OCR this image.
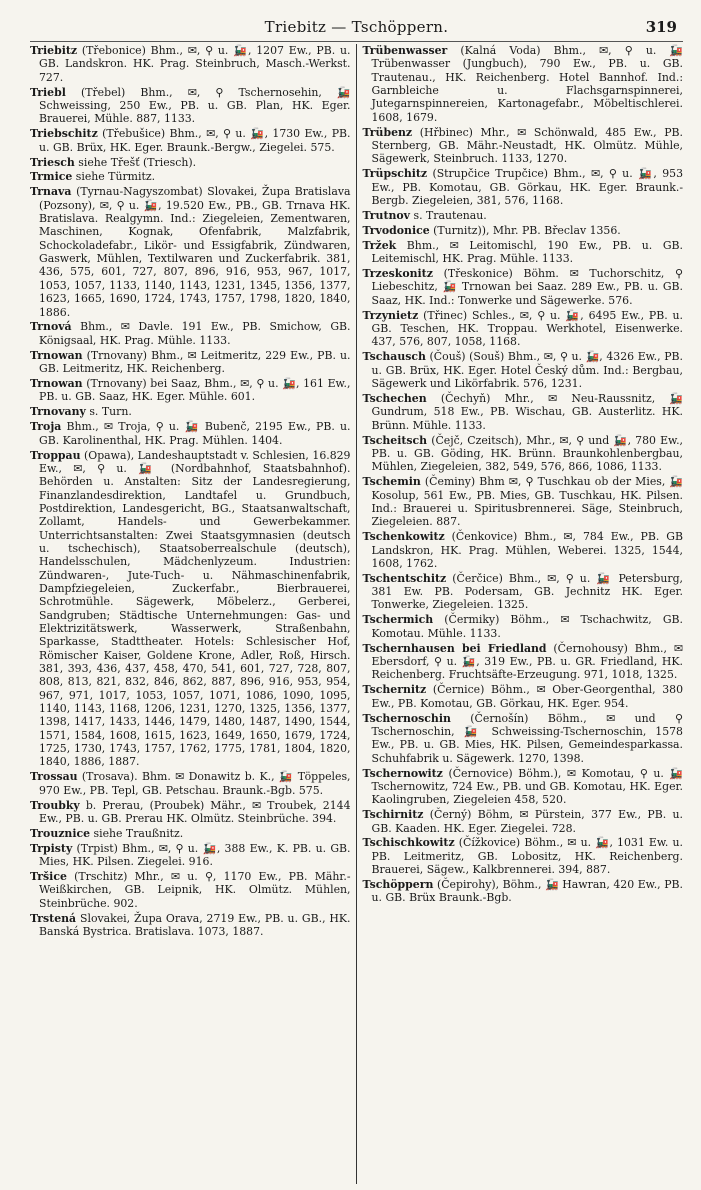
Triebitz — Tschöppern.	319

Triebitz (Třebonice) Bhm., ✉, ⚲ u. 🚂, 1207 Ew., PB. u. GB. Landskron. HK. Prag. Steinbruch, Masch.-Werkst. 727.

Triebl (Třebel) Bhm., ✉, ⚲ Tschernosehin, 🚂 Schweissing, 250 Ew., PB. u. GB. Plan, HK. Eger. Brauerei, Mühle. 887, 1133.

Triebschitz (Třebušice) Bhm., ✉, ⚲ u. 🚂, 1730 Ew., PB. u. GB. Brüx, HK. Eger. Braunk.-Bergw., Ziegelei. 575.

Triesch siehe Třešť (Triesch).

Trmice siehe Türmitz.

Trnava (Tyrnau-Nagyszombat) Slovakei, Župa Bratislava (Pozsony), ✉, ⚲ u. 🚂, 19.520 Ew., PB., GB. Trnava HK. Bratislava. Realgymn. Ind.: Ziegeleien, Zementwaren, Maschinen, Kognak, Ofenfabrik, Malzfabrik, Schockoladefabr., Likör- und Essigfabrik, Zündwaren, Gaswerk, Mühlen, Textilwaren und Zuckerfabrik. 381, 436, 575, 601, 727, 807, 896, 916, 953, 967, 1017, 1053, 1057, 1133, 1140, 1143, 1231, 1345, 1356, 1377, 1623, 1665, 1690, 1724, 1743, 1757, 1798, 1820, 1840, 1886.

Trnová Bhm., ✉ Davle. 191 Ew., PB. Smichow, GB. Königsaal, HK. Prag. Mühle. 1133.

Trnowan (Trnovany) Bhm., ✉ Leitmeritz, 229 Ew., PB. u. GB. Leitmeritz, HK. Reichenberg.

Trnowan (Trnovany) bei Saaz, Bhm., ✉, ⚲ u. 🚂, 161 Ew., PB. u. GB. Saaz, HK. Eger. Mühle. 601.

Trnovany s. Turn.

Troja Bhm., ✉ Troja, ⚲ u. 🚂 Bubenč, 2195 Ew., PB. u. GB. Karolinenthal, HK. Prag. Mühlen. 1404.

Troppau (Opawa), Landeshauptstadt v. Schlesien, 16.829 Ew., ✉, ⚲ u. 🚂 (Nordbahnhof, Staatsbahnhof). Behörden u. Anstalten: Sitz der Landesregierung, Finanzlandesdirektion, Landtafel u. Grundbuch, Postdirektion, Landesgericht, BG., Staatsanwaltschaft, Zollamt, Handels- und Gewerbekammer. Unterrichtsanstalten: Zwei Staatsgymnasien (deutsch u. tschechisch), Staatsoberrealschule (deutsch), Handelsschulen, Mädchenlyzeum. Industrien: Zündwaren-, Jute-Tuch- u. Nähmaschinenfabrik, Dampfziegeleien, Zuckerfabr., Bierbrauerei, Schrotmühle. Sägewerk, Möbelerz., Gerberei, Sandgruben; Städtische Unternehmungen: Gas- und Elektrizitätswerk, Wasserwerk, Straßenbahn, Sparkasse, Stadttheater. Hotels: Schlesischer Hof, Römischer Kaiser, Goldene Krone, Adler, Roß, Hirsch. 381, 393, 436, 437, 458, 470, 541, 601, 727, 728, 807, 808, 813, 821, 832, 846, 862, 887, 896, 916, 953, 954, 967, 971, 1017, 1053, 1057, 1071, 1086, 1090, 1095, 1140, 1143, 1168, 1206, 1231, 1270, 1325, 1356, 1377, 1398, 1417, 1433, 1446, 1479, 1480, 1487, 1490, 1544, 1571, 1584, 1608, 1615, 1623, 1649, 1650, 1679, 1724, 1725, 1730, 1743, 1757, 1762, 1775, 1781, 1804, 1820, 1840, 1886, 1887.

Trossau (Trosava). Bhm. ✉ Donawitz b. K., 🚂 Töppeles, 970 Ew., PB. Tepl, GB. Petschau. Braunk.-Bgb. 575.

Troubky b. Prerau, (Proubek) Mähr., ✉ Troubek, 2144 Ew., PB. u. GB. Prerau HK. Olmütz. Steinbrüche. 394.

Trouznice siehe Traußnitz.

Trpisty (Trpist) Bhm., ✉, ⚲ u. 🚂, 388 Ew., K. PB. u. GB. Mies, HK. Pilsen. Ziegelei. 916.

Tršice (Trschitz) Mhr., ✉ u. ⚲, 1170 Ew., PB. Mähr.-Weißkirchen, GB. Leipnik, HK. Olmütz. Mühlen, Steinbrüche. 902.

Trstená Slovakei, Župa Orava, 2719 Ew., PB. u. GB., HK. Banská Bystrica. Bratislava. 1073, 1887.

Trübenwasser (Kalná Voda) Bhm., ✉, ⚲ u. 🚂 Trübenwasser (Jungbuch), 790 Ew., PB. u. GB. Trautenau., HK. Reichenberg. Hotel Bannhof. Ind.: Garnbleiche u. Flachsgarnspinnerei, Jutegarnspinnereien, Kartonagefabr., Möbeltischlerei. 1608, 1679.

Trübenz (Hřbinec) Mhr., ✉ Schönwald, 485 Ew., PB. Sternberg, GB. Mähr.-Neustadt, HK. Olmütz. Mühle, Sägewerk, Steinbruch. 1133, 1270.

Trüpschitz (Strupčice Trupčice) Bhm., ✉, ⚲ u. 🚂, 953 Ew., PB. Komotau, GB. Görkau, HK. Eger. Braunk.-Bergb. Ziegeleien, 381, 576, 1168.

Trutnov s. Trautenau.

Trvodonice (Turnitz)), Mhr. PB. Břeclav 1356.

Tržek Bhm., ✉ Leitomischl, 190 Ew., PB. u. GB. Leitemischl, HK. Prag. Mühle. 1133.

Trzeskonitz (Třeskonice) Böhm. ✉ Tuchorschitz, ⚲ Liebeschitz, 🚂 Trnowan bei Saaz. 289 Ew., PB. u. GB. Saaz, HK. Ind.: Tonwerke und Sägewerke. 576.

Trzynietz (Třinec) Schles., ✉, ⚲ u. 🚂, 6495 Ew., PB. u. GB. Teschen, HK. Troppau. Werkhotel, Eisenwerke. 437, 576, 807, 1058, 1168.

Tschausch (Čouš) (Souš) Bhm., ✉, ⚲ u. 🚂, 4326 Ew., PB. u. GB. Brüx, HK. Eger. Hotel Český dům. Ind.: Bergbau, Sägewerk und Likörfabrik. 576, 1231.

Tschechen (Čechyň) Mhr., ✉ Neu-Raussnitz, 🚂 Gundrum, 518 Ew., PB. Wischau, GB. Austerlitz. HK. Brünn. Mühle. 1133.

Tscheitsch (Čejč, Czeitsch), Mhr., ✉, ⚲ und 🚂, 780 Ew., PB. u. GB. Göding, HK. Brünn. Braunkohlenbergbau, Mühlen, Ziegeleien, 382, 549, 576, 866, 1086, 1133.

Tschemin (Čeminy) Bhm ✉, ⚲ Tuschkau ob der Mies, 🚂 Kosolup, 561 Ew., PB. Mies, GB. Tuschkau, HK. Pilsen. Ind.: Brauerei u. Spiritusbrennerei. Säge, Steinbruch, Ziegeleien. 887.

Tschenkowitz (Čenkovice) Bhm., ✉, 784 Ew., PB. GB Landskron, HK. Prag. Mühlen, Weberei. 1325, 1544, 1608, 1762.

Tschentschitz (Čerčice) Bhm., ✉, ⚲ u. 🚂 Petersburg, 381 Ew. PB. Podersam, GB. Jechnitz HK. Eger. Tonwerke, Ziegeleien. 1325.

Tschermich (Čermiky) Böhm., ✉ Tschachwitz, GB. Komotau. Mühle. 1133.

Tschernhausen bei Friedland (Černohousy) Bhm., ✉ Ebersdorf, ⚲ u. 🚂, 319 Ew., PB. u. GR. Friedland, HK. Reichenberg. Fruchtsäfte-Erzeugung. 971, 1018, 1325.

Tschernitz (Černice) Böhm., ✉ Ober-Georgenthal, 380 Ew., PB. Komotau, GB. Görkau, HK. Eger. 954.

Tschernoschin (Černošín) Böhm., ✉ und ⚲ Tschernoschin, 🚂 Schweissing-Tschernoschin, 1578 Ew., PB. u. GB. Mies, HK. Pilsen, Gemeindesparkassa. Schuhfabrik u. Sägewerk. 1270, 1398.

Tschernowitz (Černovice) Böhm.), ✉ Komotau, ⚲ u. 🚂 Tschernowitz, 724 Ew., PB. und GB. Komotau, HK. Eger. Kaolingruben, Ziegeleien 458, 520.

Tschirnitz (Černý) Böhm, ✉ Pürstein, 377 Ew., PB. u. GB. Kaaden. HK. Eger. Ziegelei. 728.

Tschischkowitz (Čížkovice) Böhm., ✉ u. 🚂, 1031 Ew. u. PB. Leitmeritz, GB. Lobositz, HK. Reichenberg. Brauerei, Sägew., Kalkbrennerei. 394, 887.

Tschöppern (Čepirohy), Böhm., 🚂 Hawran, 420 Ew., PB. u. GB. Brüx Braunk.-Bgb.
